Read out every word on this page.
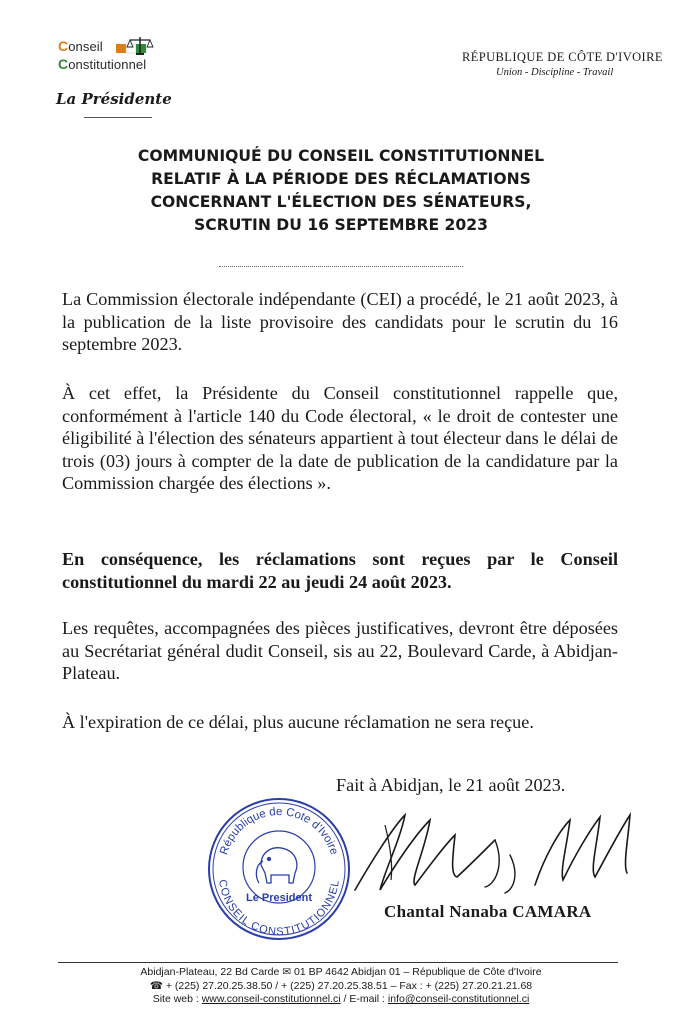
Conseil
Constitutionnel
La Présidente
RÉPUBLIQUE DE CÔTE D'IVOIRE
Union - Discipline - Travail
COMMUNIQUÉ DU CONSEIL CONSTITUTIONNEL
RELATIF À LA PÉRIODE DES RÉCLAMATIONS
CONCERNANT L'ÉLECTION DES SÉNATEURS,
SCRUTIN DU 16 SEPTEMBRE 2023
La Commission électorale indépendante (CEI) a procédé, le 21 août 2023, à la publication de la liste provisoire des candidats pour le scrutin du 16 septembre 2023.
À cet effet, la Présidente du Conseil constitutionnel rappelle que, conformément à l'article 140 du Code électoral, « le droit de contester une éligibilité à l'élection des sénateurs appartient à tout électeur dans le délai de trois (03) jours à compter de la date de publication de la candidature par la Commission chargée des élections ».
En conséquence, les réclamations sont reçues par le Conseil constitutionnel du mardi 22 au jeudi 24 août 2023.
Les requêtes, accompagnées des pièces justificatives, devront être déposées au Secrétariat général dudit Conseil, sis au 22, Boulevard Carde, à Abidjan-Plateau.
À l'expiration de ce délai, plus aucune réclamation ne sera reçue.
Fait à Abidjan, le 21 août 2023.
République de Cote d'Ivoire
CONSEIL CONSTITUTIONNEL
Le President
Chantal Nanaba CAMARA
Abidjan-Plateau, 22 Bd Carde ✉ 01 BP 4642 Abidjan 01 – République de Côte d'Ivoire
☎ + (225) 27.20.25.38.50 / + (225) 27.20.25.38.51 – Fax : + (225) 27.20.21.21.68
Site web : www.conseil-constitutionnel.ci / E-mail : info@conseil-constitutionnel.ci
